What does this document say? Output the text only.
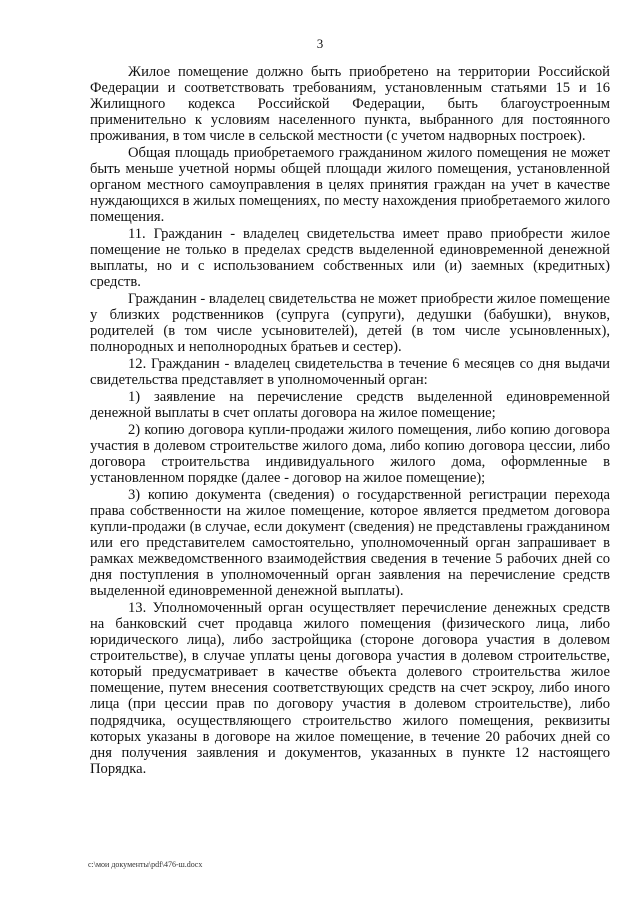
3

Жилое помещение должно быть приобретено на территории Российской Федерации и соответствовать требованиям, установленным статьями 15 и 16 Жилищного кодекса Российской Федерации, быть благоустроенным применительно к условиям населенного пункта, выбранного для постоянного проживания, в том числе в сельской местности (с учетом надворных построек).

Общая площадь приобретаемого гражданином жилого помещения не может быть меньше учетной нормы общей площади жилого помещения, установленной органом местного самоуправления в целях принятия граждан на учет в качестве нуждающихся в жилых помещениях, по месту нахождения приобретаемого жилого помещения.

11. Гражданин - владелец свидетельства имеет право приобрести жилое помещение не только в пределах средств выделенной единовременной денежной выплаты, но и с использованием собственных или (и) заемных (кредитных) средств.

Гражданин - владелец свидетельства не может приобрести жилое помещение у близких родственников (супруга (супруги), дедушки (бабушки), внуков, родителей (в том числе усыновителей), детей (в том числе усыновленных), полнородных и неполнородных братьев и сестер).

12. Гражданин - владелец свидетельства в течение 6 месяцев со дня выдачи свидетельства представляет в уполномоченный орган:

1) заявление на перечисление средств выделенной единовременной денежной выплаты в счет оплаты договора на жилое помещение;

2) копию договора купли-продажи жилого помещения, либо копию договора участия в долевом строительстве жилого дома, либо копию договора цессии, либо договора строительства индивидуального жилого дома, оформленные в установленном порядке (далее - договор на жилое помещение);

3) копию документа (сведения) о государственной регистрации перехода права собственности на жилое помещение, которое является предметом договора купли-продажи (в случае, если документ (сведения) не представлены гражданином или его представителем самостоятельно, уполномоченный орган запрашивает в рамках межведомственного взаимодействия сведения в течение 5 рабочих дней со дня поступления в уполномоченный орган заявления на перечисление средств выделенной единовременной денежной выплаты).

13. Уполномоченный орган осуществляет перечисление денежных средств на банковский счет продавца жилого помещения (физического лица, либо юридического лица), либо застройщика (стороне договора участия в долевом строительстве), в случае уплаты цены договора участия в долевом строительстве, который предусматривает в качестве объекта долевого строительства жилое помещение, путем внесения соответствующих средств на счет эскроу, либо иного лица (при цессии прав по договору участия в долевом строительстве), либо подрядчика, осуществляющего строительство жилого помещения, реквизиты которых указаны в договоре на жилое помещение, в течение 20 рабочих дней со дня получения заявления и документов, указанных в пункте 12 настоящего Порядка.

c:\мои документы\pdf\476-ш.docx
